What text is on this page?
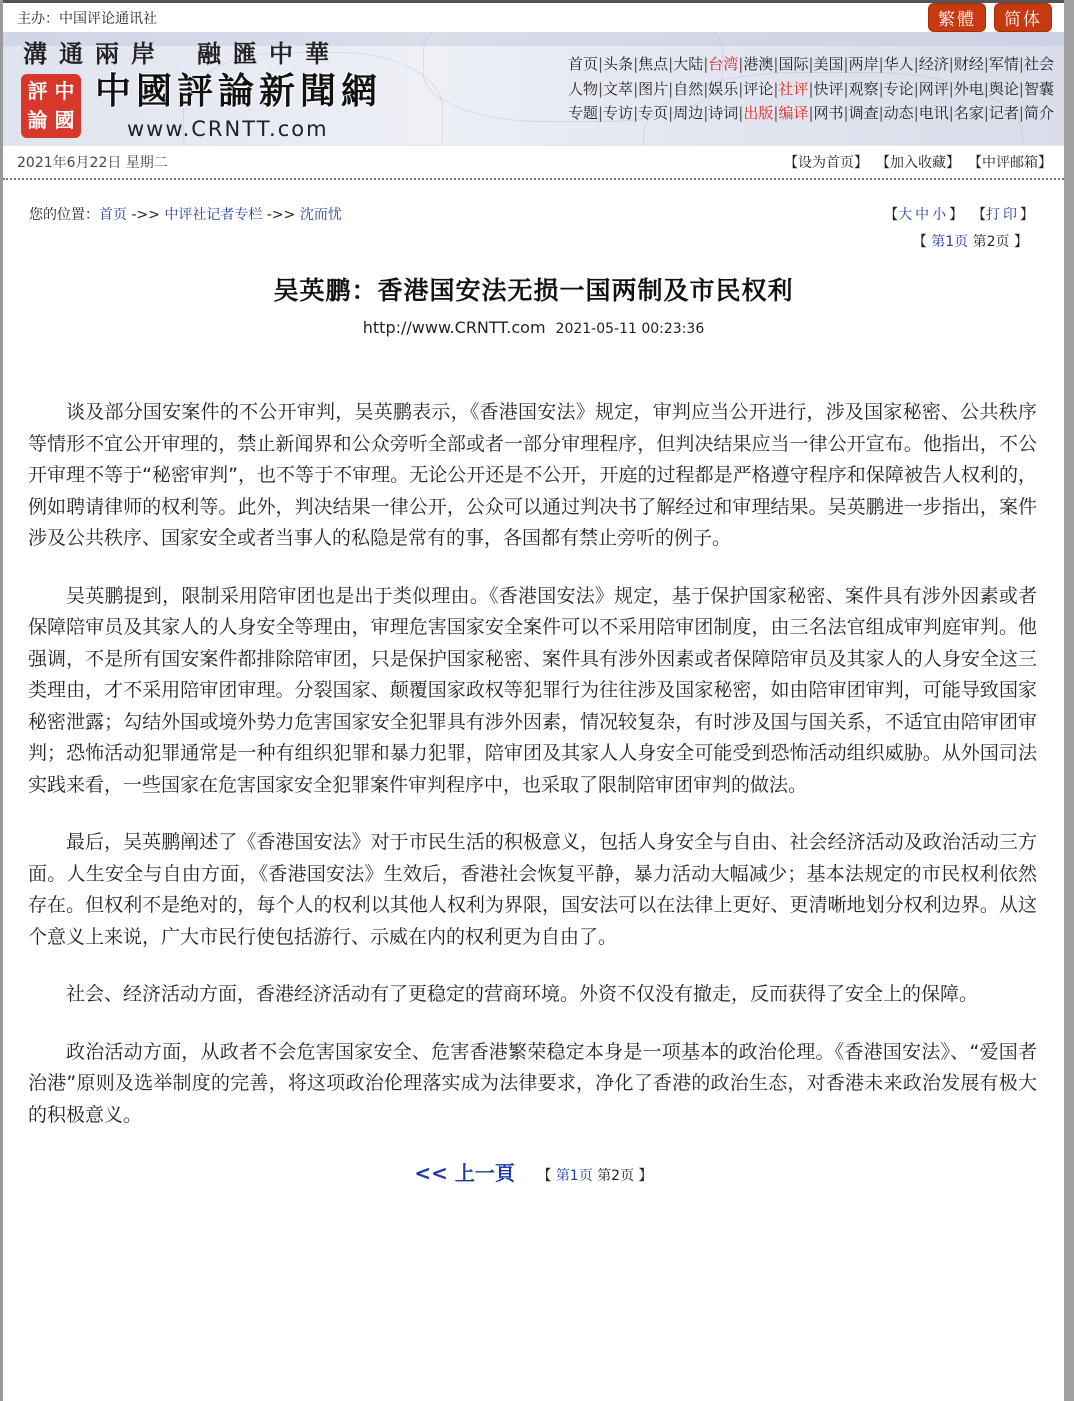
主办：中国评论通讯社	繁體	简体
溝通兩岸 融匯中華
評 中
論 國
中國評論新聞網
www.CRNTT.com
首页|头条|焦点|大陆|台湾|港澳|国际|美国|两岸|华人|经济|财经|军情|社会
人物|文萃|图片|自然|娱乐|评论|社评|快评|观察|专论|网评|外电|舆论|智囊
专题|专访|专页|周边|诗词|出版|编译|网书|调查|动态|电讯|名家|记者|简介
2021年6月22日 星期二	【设为首页】 【加入收藏】 【中评邮箱】
您的位置：首页 ->> 中评社记者专栏 ->> 沈而忧	【大中小】 【打印】
【 第1页 第2页 】
吴英鹏：香港国安法无损一国两制及市民权利
http://www.CRNTT.com 2021-05-11 00:23:36

谈及部分国安案件的不公开审判，吴英鹏表示，《香港国安法》规定，审判应当公开进行，涉及国家秘密、公共秩序等情形不宜公开审理的，禁止新闻界和公众旁听全部或者一部分审理程序，但判决结果应当一律公开宣布。他指出，不公开审理不等于“秘密审判”，也不等于不审理。无论公开还是不公开，开庭的过程都是严格遵守程序和保障被告人权利的，例如聘请律师的权利等。此外，判决结果一律公开，公众可以通过判决书了解经过和审理结果。吴英鹏进一步指出，案件涉及公共秩序、国家安全或者当事人的私隐是常有的事，各国都有禁止旁听的例子。

吴英鹏提到，限制采用陪审团也是出于类似理由。《香港国安法》规定，基于保护国家秘密、案件具有涉外因素或者保障陪审员及其家人的人身安全等理由，审理危害国家安全案件可以不采用陪审团制度，由三名法官组成审判庭审判。他强调，不是所有国安案件都排除陪审团，只是保护国家秘密、案件具有涉外因素或者保障陪审员及其家人的人身安全这三类理由，才不采用陪审团审理。分裂国家、颠覆国家政权等犯罪行为往往涉及国家秘密，如由陪审团审判，可能导致国家秘密泄露；勾结外国或境外势力危害国家安全犯罪具有涉外因素，情况较复杂，有时涉及国与国关系，不适宜由陪审团审判；恐怖活动犯罪通常是一种有组织犯罪和暴力犯罪，陪审团及其家人人身安全可能受到恐怖活动组织威胁。从外国司法实践来看，一些国家在危害国家安全犯罪案件审判程序中，也采取了限制陪审团审判的做法。

最后，吴英鹏阐述了《香港国安法》对于市民生活的积极意义，包括人身安全与自由、社会经济活动及政治活动三方面。人生安全与自由方面，《香港国安法》生效后，香港社会恢复平静，暴力活动大幅减少；基本法规定的市民权利依然存在。但权利不是绝对的，每个人的权利以其他人权利为界限，国安法可以在法律上更好、更清晰地划分权利边界。从这个意义上来说，广大市民行使包括游行、示威在内的权利更为自由了。

社会、经济活动方面，香港经济活动有了更稳定的营商环境。外资不仅没有撤走，反而获得了安全上的保障。

政治活动方面，从政者不会危害国家安全、危害香港繁荣稳定本身是一项基本的政治伦理。《香港国安法》、“爱国者治港”原则及选举制度的完善，将这项政治伦理落实成为法律要求，净化了香港的政治生态，对香港未来政治发展有极大的积极意义。

<< 上一頁 【 第1页 第2页 】
